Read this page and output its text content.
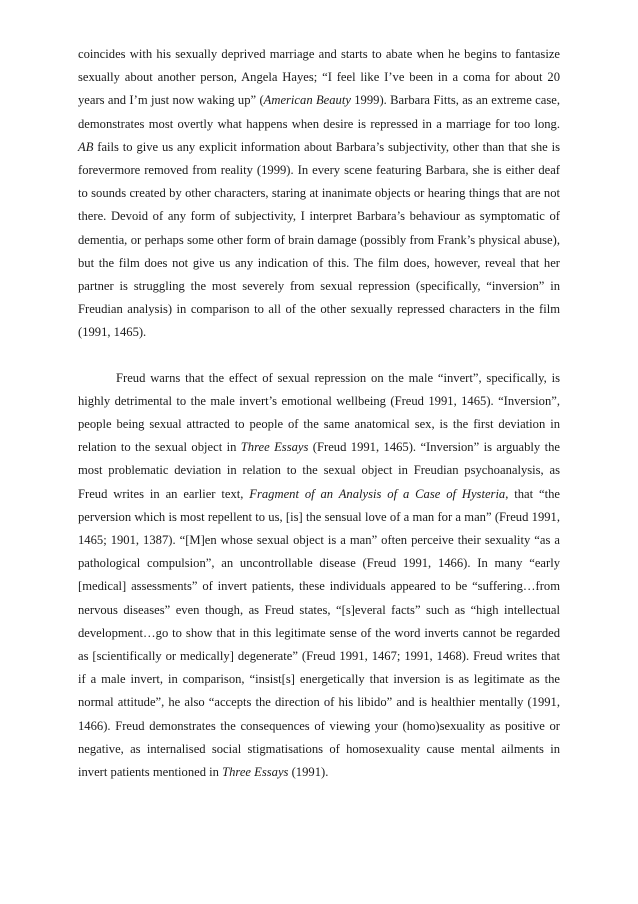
coincides with his sexually deprived marriage and starts to abate when he begins to fantasize sexually about another person, Angela Hayes; “I feel like I’ve been in a coma for about 20 years and I’m just now waking up” (American Beauty 1999). Barbara Fitts, as an extreme case, demonstrates most overtly what happens when desire is repressed in a marriage for too long. AB fails to give us any explicit information about Barbara’s subjectivity, other than that she is forevermore removed from reality (1999). In every scene featuring Barbara, she is either deaf to sounds created by other characters, staring at inanimate objects or hearing things that are not there. Devoid of any form of subjectivity, I interpret Barbara’s behaviour as symptomatic of dementia, or perhaps some other form of brain damage (possibly from Frank’s physical abuse), but the film does not give us any indication of this. The film does, however, reveal that her partner is struggling the most severely from sexual repression (specifically, “inversion” in Freudian analysis) in comparison to all of the other sexually repressed characters in the film (1991, 1465).

Freud warns that the effect of sexual repression on the male “invert”, specifically, is highly detrimental to the male invert’s emotional wellbeing (Freud 1991, 1465). “Inversion”, people being sexual attracted to people of the same anatomical sex, is the first deviation in relation to the sexual object in Three Essays (Freud 1991, 1465). “Inversion” is arguably the most problematic deviation in relation to the sexual object in Freudian psychoanalysis, as Freud writes in an earlier text, Fragment of an Analysis of a Case of Hysteria, that “the perversion which is most repellent to us, [is] the sensual love of a man for a man” (Freud 1991, 1465; 1901, 1387). “[M]en whose sexual object is a man” often perceive their sexuality “as a pathological compulsion”, an uncontrollable disease (Freud 1991, 1466). In many “early [medical] assessments” of invert patients, these individuals appeared to be “suffering…from nervous diseases” even though, as Freud states, “[s]everal facts” such as “high intellectual development…go to show that in this legitimate sense of the word inverts cannot be regarded as [scientifically or medically] degenerate” (Freud 1991, 1467; 1991, 1468). Freud writes that if a male invert, in comparison, “insist[s] energetically that inversion is as legitimate as the normal attitude”, he also “accepts the direction of his libido” and is healthier mentally (1991, 1466). Freud demonstrates the consequences of viewing your (homo)sexuality as positive or negative, as internalised social stigmatisations of homosexuality cause mental ailments in invert patients mentioned in Three Essays (1991).
